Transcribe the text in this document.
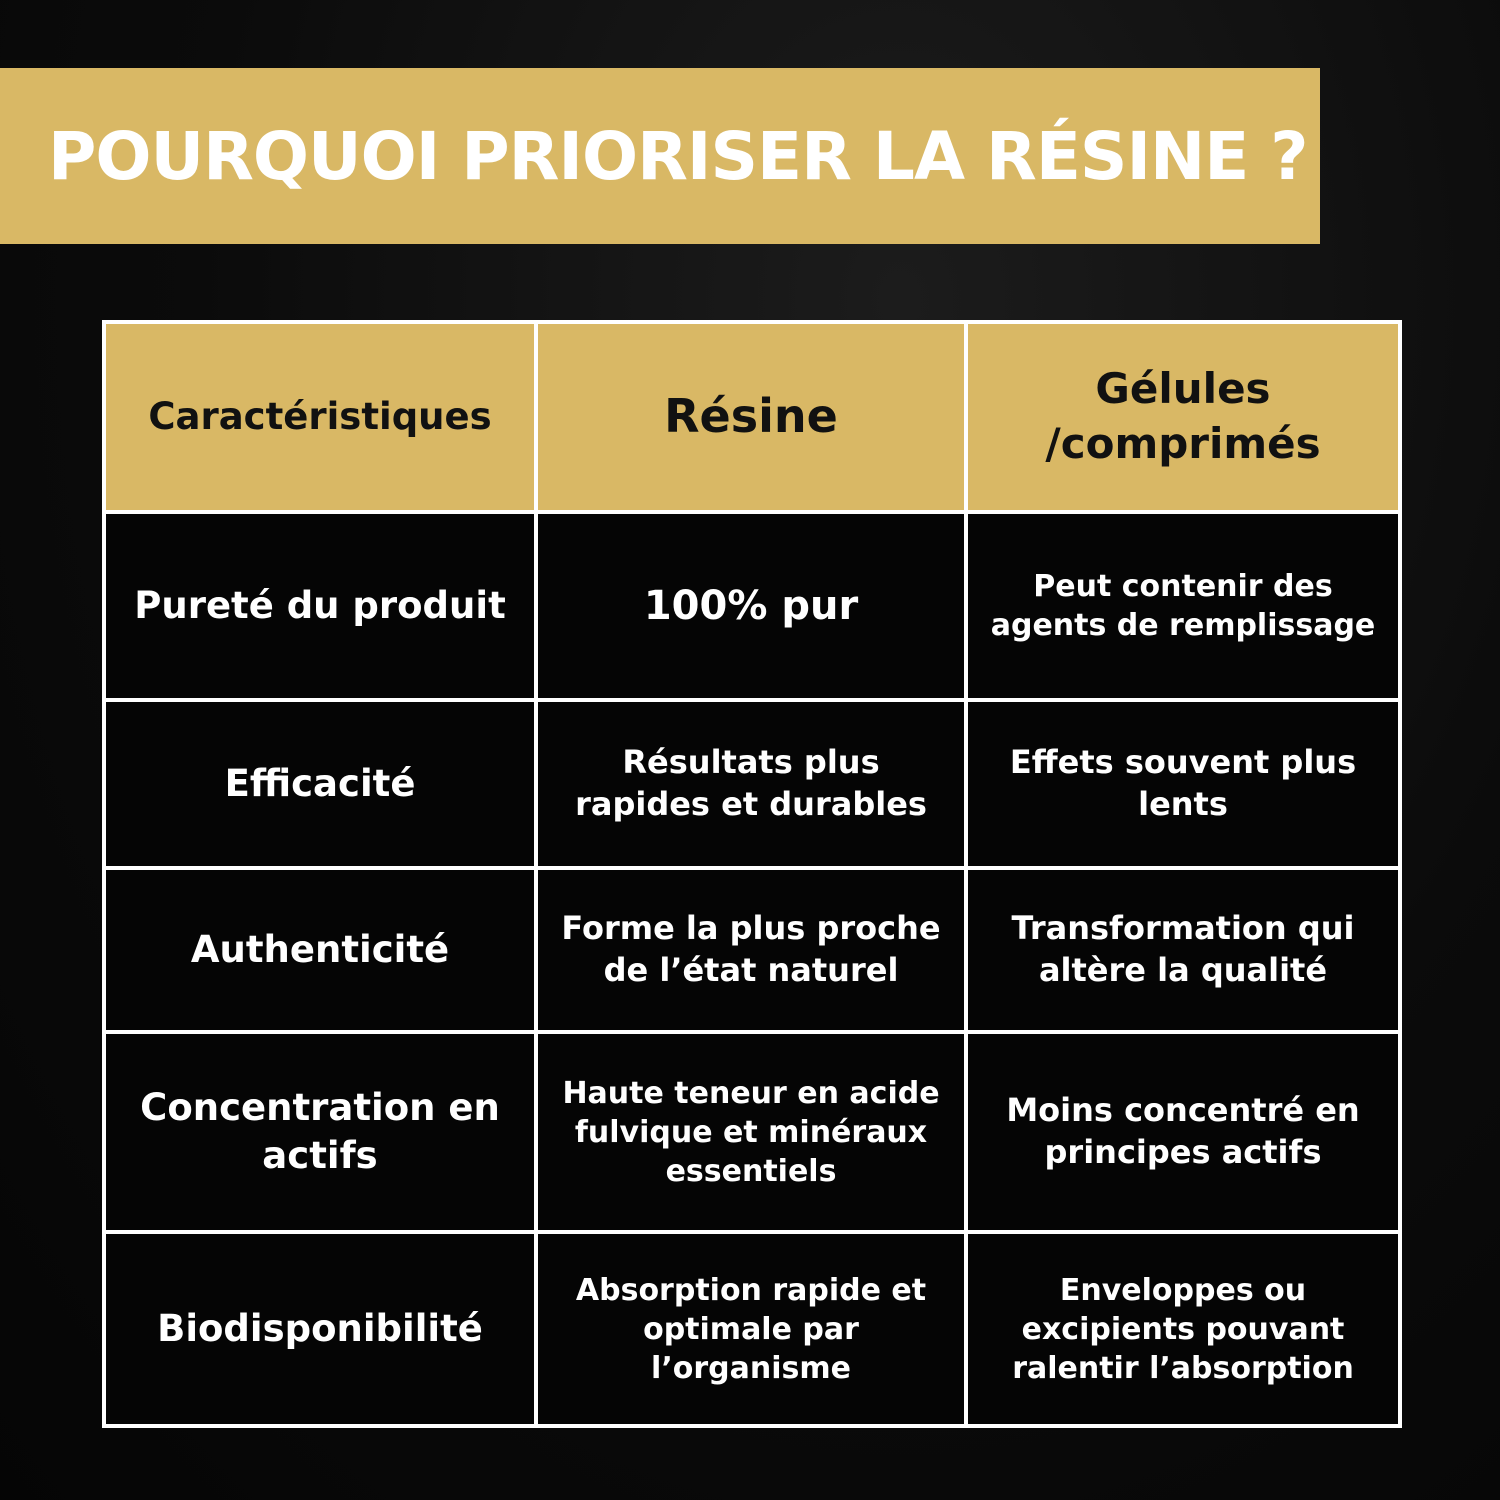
POURQUOI PRIORISER LA RÉSINE ?
Caractéristiques	Résine	Gélules /comprimés
Pureté du produit	100% pur	Peut contenir des agents de remplissage
Efficacité	Résultats plus rapides et durables	Effets souvent plus lents
Authenticité	Forme la plus proche de l’état naturel	Transformation qui altère la qualité
Concentration en actifs	Haute teneur en acide fulvique et minéraux essentiels	Moins concentré en principes actifs
Biodisponibilité	Absorption rapide et optimale par l’organisme	Enveloppes ou excipients pouvant ralentir l’absorption
